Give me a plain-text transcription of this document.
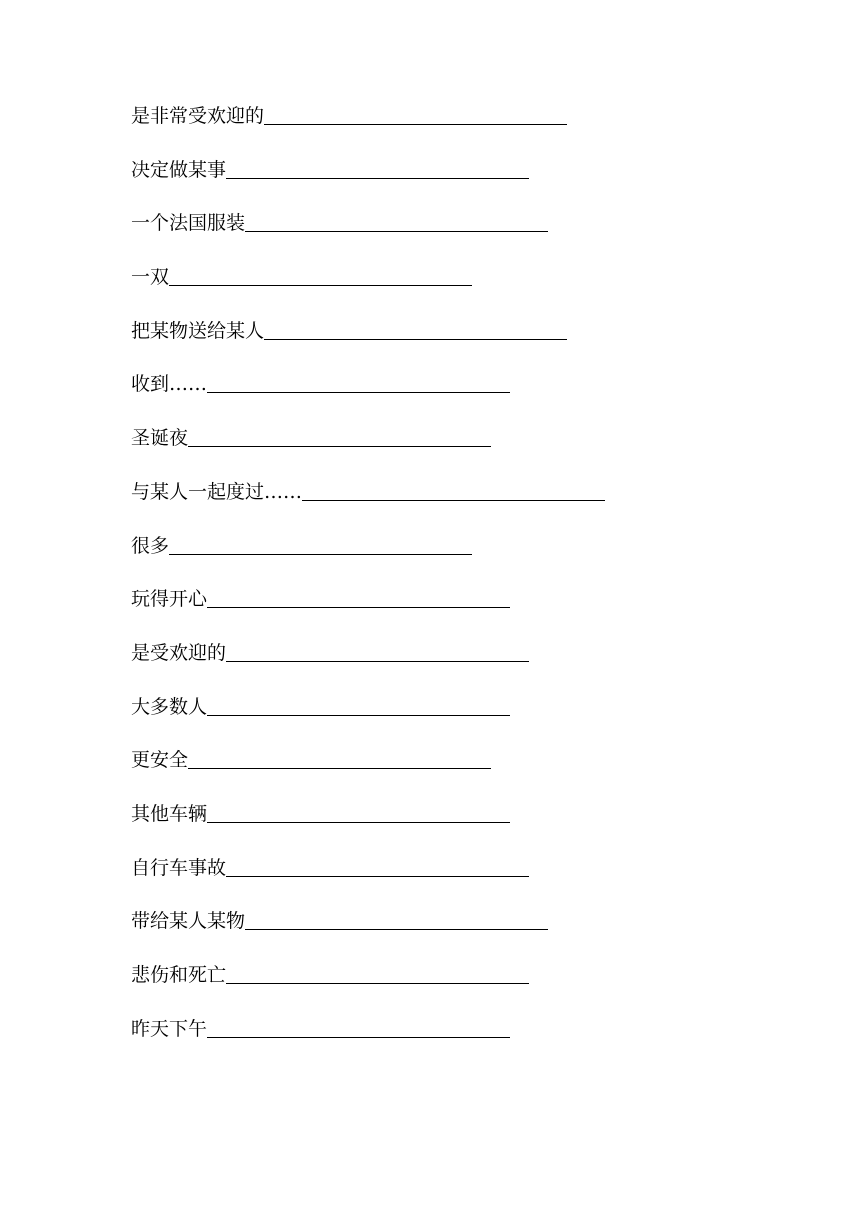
是非常受欢迎的
决定做某事
一个法国服装
一双
把某物送给某人
收到……
圣诞夜
与某人一起度过……
很多
玩得开心
是受欢迎的
大多数人
更安全
其他车辆
自行车事故
带给某人某物
悲伤和死亡
昨天下午
